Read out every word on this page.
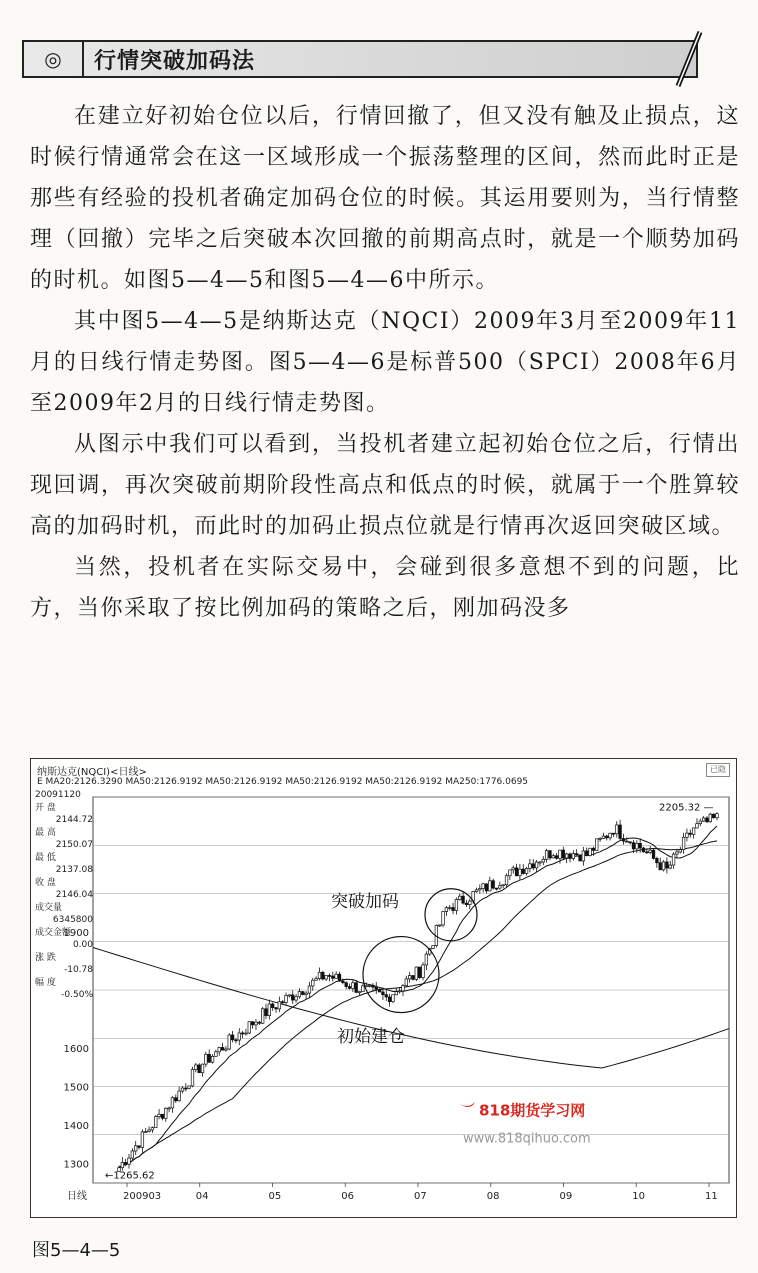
◎	行情突破加码法

在建立好初始仓位以后，行情回撤了，但又没有触及止损点，这时候行情通常会在这一区域形成一个振荡整理的区间，然而此时正是那些有经验的投机者确定加码仓位的时候。其运用要则为，当行情整理（回撤）完毕之后突破本次回撤的前期高点时，就是一个顺势加码的时机。如图5—4—5和图5—4—6中所示。

其中图5—4—5是纳斯达克（NQCI）2009年3月至2009年11月的日线行情走势图。图5—4—6是标普500（SPCI）2008年6月至2009年2月的日线行情走势图。

从图示中我们可以看到，当投机者建立起初始仓位之后，行情出现回调，再次突破前期阶段性高点和低点的时候，就属于一个胜算较高的加码时机，而此时的加码止损点位就是行情再次返回突破区域。

当然，投机者在实际交易中，会碰到很多意想不到的问题，比方，当你采取了按比例加码的策略之后，刚加码没多

纳斯达克(NQCI)<日线>	已隐
E MA20:2126.3290 MA50:2126.9192 MA50:2126.9192 MA50:2126.9192 MA50:2126.9192 MA250:1776.0695
20091120
开 盘
2144.72
最 高
2150.07
最 低
2137.08
收 盘
2146.04
成交量
6345800
成交金额
0.00
涨 跌
-10.78
幅 度
-0.50%
1300
1400
1500
1600
1900
日线	200903	04	05	06	07	08	09	10	11
突破加码
初始建仓
2205.32 —
←1265.62
818期货学习网
www.818qihuo.com
图5—4—5
